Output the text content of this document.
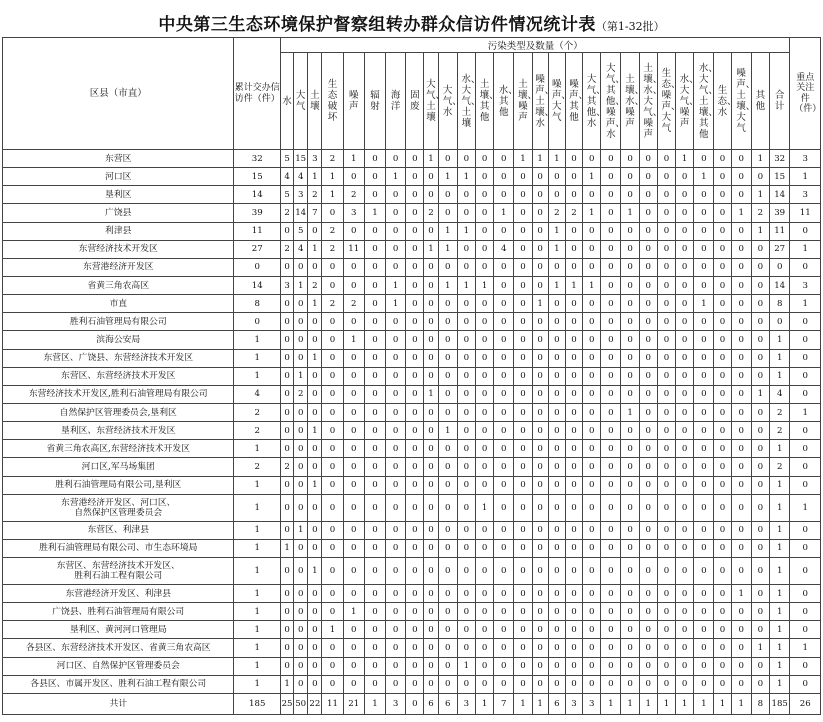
中央第三生态环境保护督察组转办群众信访件情况统计表（第1-32批）
区县（市直）	累计交办信访件（件）	污染类型及数量（个）																												重点关注件（件）
		水	大气	土壤	生态破坏	噪声	辐射	海洋	固废	大气、土壤	大气、水	水、大气、土壤	土壤、其他	水、其他	土壤、噪声	噪声、土壤、水	噪声、大气	噪声、其他	大气、其他、水	大气、其他、噪声、水	土壤、水、噪声	土壤、水、大气、噪声	生态、噪声、大气	水、大气、噪声	水、大气、土壤、其他	生态、水	噪声、土壤、大气	其他	合计	
东营区	32	5	15	3	2	1	0	0	0	1	0	0	0	0	1	1	1	0	0	0	0	0	0	1	0	0	0	1	32	3
河口区	15	4	4	1	1	0	0	1	0	0	1	1	0	0	0	0	0	0	1	0	0	0	0	0	1	0	0	0	15	1
垦利区	14	5	3	2	1	2	0	0	0	0	0	0	0	0	0	0	0	0	0	0	0	0	0	0	0	0	0	1	14	3
广饶县	39	2	14	7	0	3	1	0	0	2	0	0	0	1	0	0	2	2	1	0	1	0	0	0	0	0	1	2	39	11
利津县	11	0	5	0	2	0	0	0	0	0	1	1	0	0	0	0	1	0	0	0	0	0	0	0	0	0	0	1	11	0
东营经济技术开发区	27	2	4	1	2	11	0	0	0	1	1	0	0	4	0	0	1	0	0	0	0	0	0	0	0	0	0	0	27	1
东营港经济开发区	0	0	0	0	0	0	0	0	0	0	0	0	0	0	0	0	0	0	0	0	0	0	0	0	0	0	0	0	0	0
省黄三角农高区	14	3	1	2	0	0	0	1	0	0	1	1	1	0	0	0	1	1	1	0	0	0	0	0	0	0	0	0	14	3
市直	8	0	0	1	2	2	0	1	0	0	0	0	0	0	0	1	0	0	0	0	0	0	0	0	1	0	0	0	8	1
胜利石油管理局有限公司	0	0	0	0	0	0	0	0	0	0	0	0	0	0	0	0	0	0	0	0	0	0	0	0	0	0	0	0	0	0
滨海公安局	1	0	0	0	0	1	0	0	0	0	0	0	0	0	0	0	0	0	0	0	0	0	0	0	0	0	0	0	1	0
东营区、广饶县、东营经济技术开发区	1	0	0	1	0	0	0	0	0	0	0	0	0	0	0	0	0	0	0	0	0	0	0	0	0	0	0	0	1	0
东营区、东营经济技术开发区	1	0	1	0	0	0	0	0	0	0	0	0	0	0	0	0	0	0	0	0	0	0	0	0	0	0	0	0	1	0
东营经济技术开发区,胜利石油管理局有限公司	4	0	2	0	0	0	0	0	0	1	0	0	0	0	0	0	0	0	0	0	0	0	0	0	0	0	0	1	4	0
自然保护区管理委员会,垦利区	2	0	0	0	0	0	0	0	0	0	0	0	0	0	0	0	0	0	0	0	1	0	0	0	0	0	0	0	2	1
垦利区、东营经济技术开发区	2	0	0	1	0	0	0	0	0	0	1	0	0	0	0	0	0	0	0	0	0	0	0	0	0	0	0	0	2	0
省黄三角农高区,东营经济技术开发区	1	0	0	0	0	0	0	0	0	0	0	0	0	0	0	0	0	0	0	0	0	0	0	0	0	0	0	0	1	0
河口区,军马场集团	2	2	0	0	0	0	0	0	0	0	0	0	0	0	0	0	0	0	0	0	0	0	0	0	0	0	0	0	2	0
胜利石油管理局有限公司,垦利区	1	0	0	1	0	0	0	0	0	0	0	0	0	0	0	0	0	0	0	0	0	0	0	0	0	0	0	0	1	0

东营港经济开发区、河口区、
自然保护区管理委员会	1	0	0	0	0	0	0	0	0	0	0	0	1	0	0	0	0	0	0	0	0	0	0	0	0	0	0	0	1	1
东营区、利津县	1	0	1	0	0	0	0	0	0	0	0	0	0	0	0	0	0	0	0	0	0	0	0	0	0	0	0	0	1	0
胜利石油管理局有限公司、市生态环境局	1	1	0	0	0	0	0	0	0	0	0	0	0	0	0	0	0	0	0	0	0	0	0	0	0	0	0	0	1	0

东营区、东营经济技术开发区、
胜利石油工程有限公司	1	0	0	1	0	0	0	0	0	0	0	0	0	0	0	0	0	0	0	0	0	0	0	0	0	0	0	0	1	0
东营港经济开发区、利津县	1	0	0	0	0	0	0	0	0	0	0	0	0	0	0	0	0	0	0	0	0	0	0	0	0	0	1	0	1	0
广饶县、胜利石油管理局有限公司	1	0	0	0	0	1	0	0	0	0	0	0	0	0	0	0	0	0	0	0	0	0	0	0	0	0	0	0	1	0
垦利区、黄河河口管理局	1	0	0	0	1	0	0	0	0	0	0	0	0	0	0	0	0	0	0	0	0	0	0	0	0	0	0	0	1	0
各县区、东营经济技术开发区、省黄三角农高区	1	0	0	0	0	0	0	0	0	0	0	0	0	0	0	0	0	0	0	0	0	0	0	0	0	0	0	1	1	1
河口区、自然保护区管理委员会	1	0	0	0	0	0	0	0	0	0	0	1	0	0	0	0	0	0	0	0	0	0	0	0	0	0	0	0	1	0
各县区、市属开发区、胜利石油工程有限公司	1	1	0	0	0	0	0	0	0	0	0	0	0	0	0	0	0	0	0	0	0	0	0	0	0	0	0	0	1	0
共计	185	25	50	22	11	21	1	3	0	6	6	3	1	7	1	1	6	3	3	1	1	1	1	1	1	1	1	8	185	26
